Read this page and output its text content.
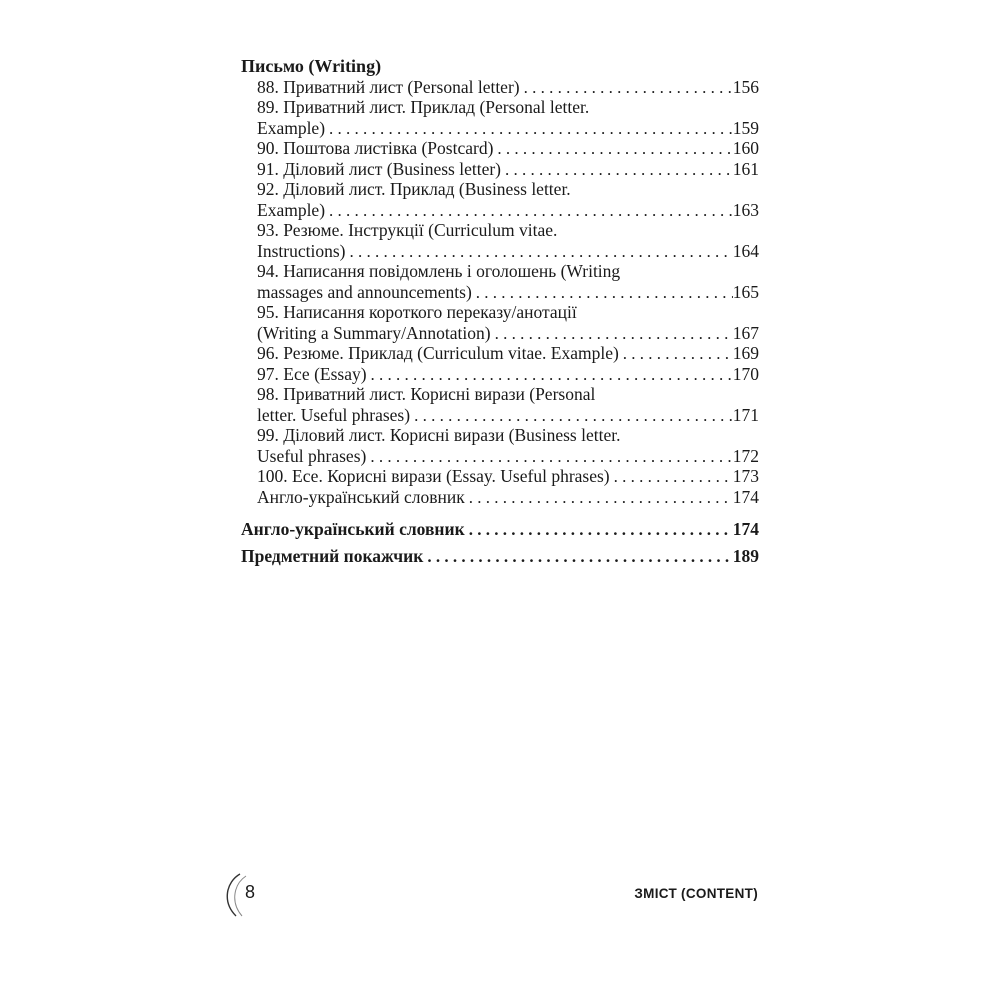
Письмо (Writing)
88. Приватний лист (Personal letter) . . .	156
89. Приватний лист. Приклад (Personal letter.
Example) . . .	159
90. Поштова листівка (Postcard) . . .	160
91. Діловий лист (Business letter) . . .	161
92. Діловий лист. Приклад (Business letter.
Example) . . .	163
93. Резюме. Інструкції (Curriculum vitae.
Instructions) . . .	164
94. Написання повідомлень і оголошень (Writing
massages and announcements) . . .	165
95. Написання короткого переказу/анотації
(Writing a Summary/Annotation) . . .	167
96. Резюме. Приклад (Curriculum vitae. Example) . . .	169
97. Есе (Essay) . . .	170
98. Приватний лист. Корисні вирази (Personal
letter. Useful phrases) . . .	171
99. Діловий лист. Корисні вирази (Business letter.
Useful phrases) . . .	172
100. Есе. Корисні вирази (Essay. Useful phrases) . . .	173
Англо-український словник . . .	174
Англо-український словник . . .	174
Предметний покажчик . . .	189
8	ЗМІСТ (CONTENT)
